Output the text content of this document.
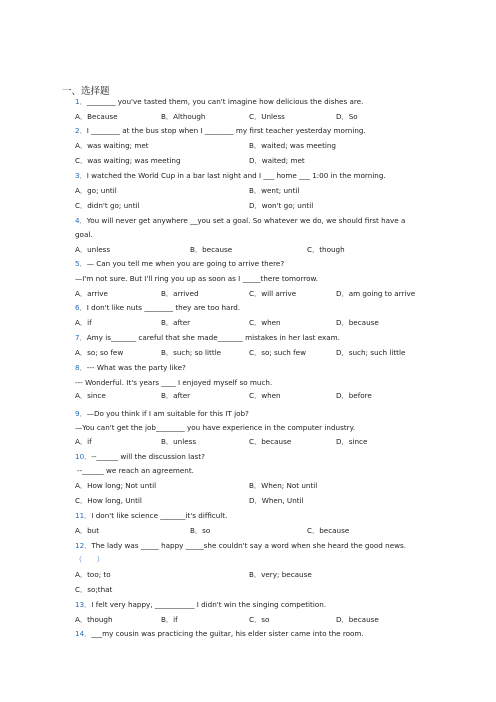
一、选择题
1．________ you've tasted them, you can't imagine how delicious the dishes are.
A．Because	B．Although	C．Unless	D．So
2．I ________ at the bus stop when I ________ my first teacher yesterday morning.
A．was waiting; met	B．waited; was meeting
C．was waiting; was meeting	D．waited; met
3．I watched the World Cup in a bar last night and I ___ home ___ 1:00 in the morning.
A．go; until	B．went; until
C．didn't go; until	D．won't go; until
4．You will never get anywhere __you set a goal. So whatever we do, we should first have a
goal.
A．unless	B．because	C．though
5．— Can you tell me when you are going to arrive there?
—I'm not sure. But I'll ring you up as soon as I _____there tomorrow.
A．arrive	B．arrived	C．will arrive	D．am going to arrive
6．I don't like nuts ________ they are too hard.
A．if	B．after	C．when	D．because
7．Amy is_______ careful that she made_______ mistakes in her last exam.
A．so; so few	B．such; so little	C．so; such few	D．such; such little
8．--- What was the party like?
--- Wonderful. It's years ____ I enjoyed myself so much.
A．since	B．after	C．when	D．before
9．—Do you think if I am suitable for this IT job?
—You can't get the job________ you have experience in the computer industry.
A．if	B．unless	C．because	D．since
10．--______ will the discussion last?
--______ we reach an agreement.
A．How long; Not until	B．When; Not until
C．How long, Until	D．When, Until
11．I don't like science _______it's difficult.
A．but	B．so	C．because
12．The lady was _____ happy _____she couldn't say a word when she heard the good news.
（　　）
A．too; to	B．very; because
C．so;that
13．I felt very happy, ___________ I didn't win the singing competition.
A．though	B．if	C．so	D．because
14．___my cousin was practicing the guitar, his elder sister came into the room.
